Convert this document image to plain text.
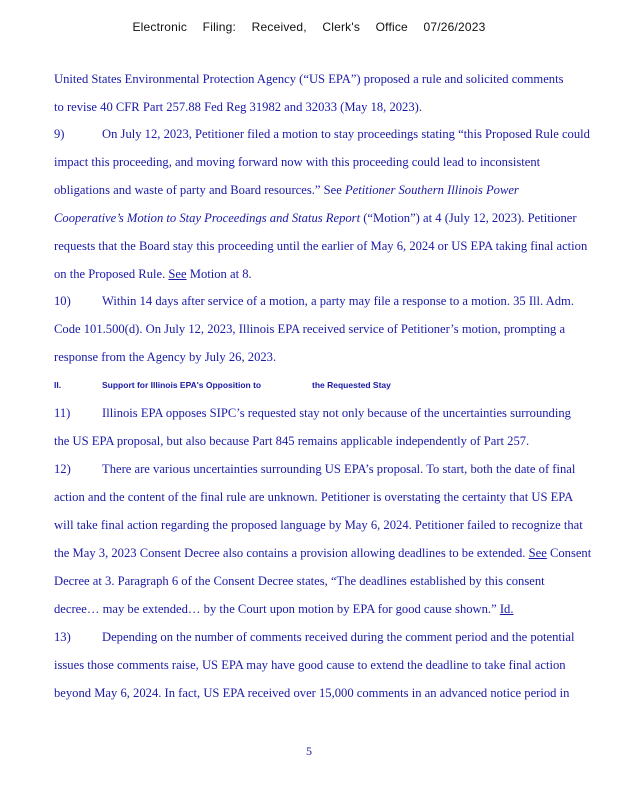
Electronic Filing: Received, Clerk's Office 07/26/2023
United States Environmental Protection Agency (“US EPA”) proposed a rule and solicited comments
to revise 40 CFR Part 257.88 Fed Reg 31982 and 32033 (May 18, 2023).
9)	On July 12, 2023, Petitioner filed a motion to stay proceedings stating “this Proposed Rule could
impact this proceeding, and moving forward now with this proceeding could lead to inconsistent
obligations and waste of party and Board resources.” See Petitioner Southern Illinois Power
Cooperative’s Motion to Stay Proceedings and Status Report (“Motion”) at 4 (July 12, 2023). Petitioner
requests that the Board stay this proceeding until the earlier of May 6, 2024 or US EPA taking final action
on the Proposed Rule. See Motion at 8.
10) Within 14 days after service of a motion, a party may file a response to a motion. 35 Ill. Adm.
Code 101.500(d). On July 12, 2023, Illinois EPA received service of Petitioner’s motion, prompting a
response from the Agency by July 26, 2023.
II.	Support for Illinois EPA's Opposition to	the Requested Stay
11)	Illinois EPA opposes SIPC’s requested stay not only because of the uncertainties surrounding
the US EPA proposal, but also because Part 845 remains applicable independently of Part 257.
12) There are various uncertainties surrounding US EPA’s proposal. To start, both the date of final
action and the content of the final rule are unknown. Petitioner is overstating the certainty that US EPA
will take final action regarding the proposed language by May 6, 2024. Petitioner failed to recognize that
the May 3, 2023 Consent Decree also contains a provision allowing deadlines to be extended. See Consent
Decree at 3. Paragraph 6 of the Consent Decree states, “The deadlines established by this consent
decree… may be extended… by the Court upon motion by EPA for good cause shown.” Id.
13) Depending on the number of comments received during the comment period and the potential
issues those comments raise, US EPA may have good cause to extend the deadline to take final action
beyond May 6, 2024. In fact, US EPA received over 15,000 comments in an advanced notice period in
5
